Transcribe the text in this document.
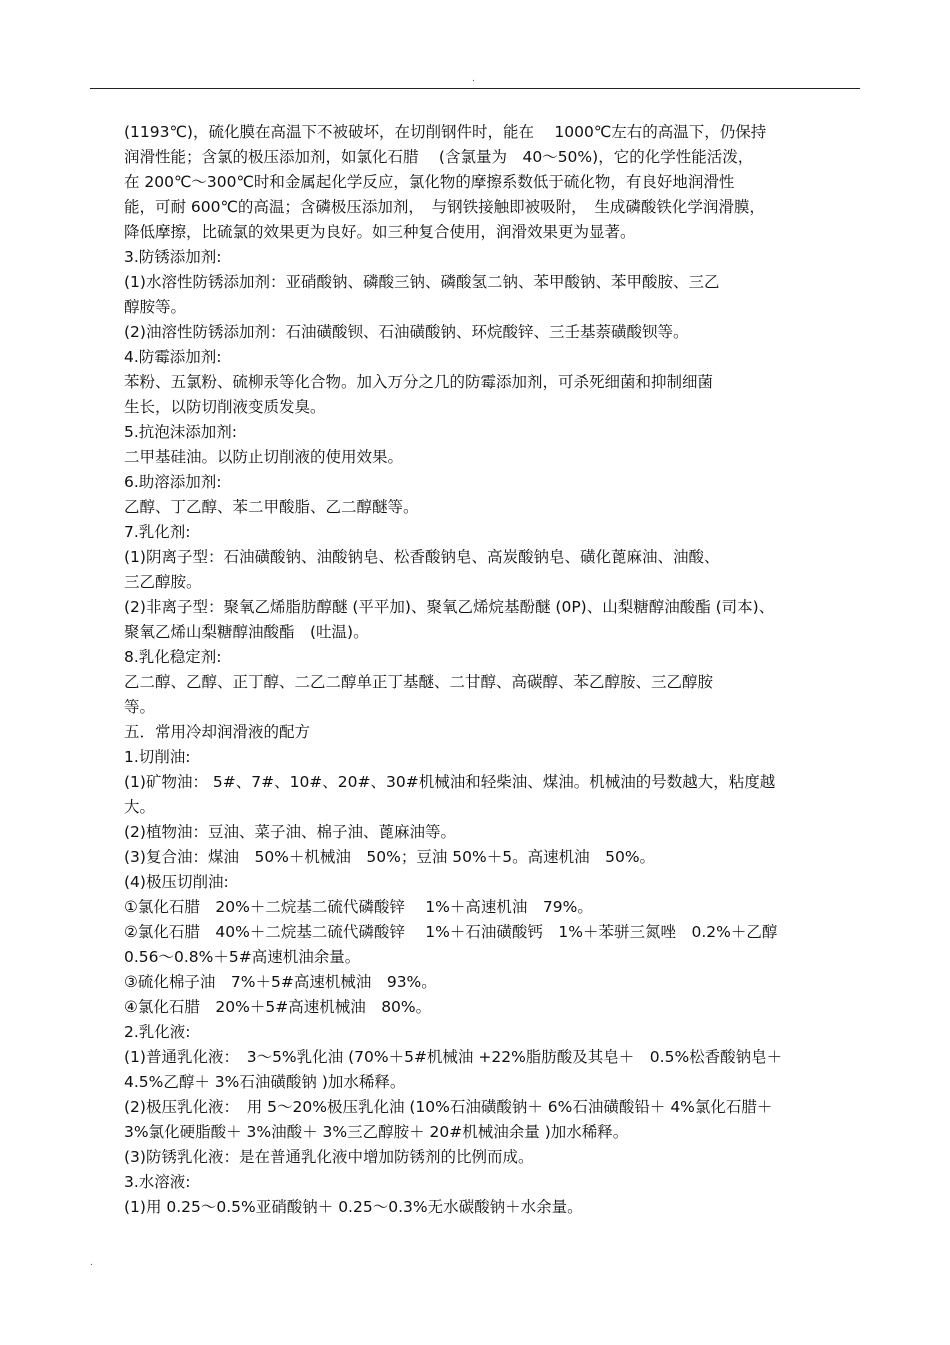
.
(1193℃)，硫化膜在高温下不被破坏，在切削钢件时，能在　 1000℃左右的高温下，仍保持
润滑性能；含氯的极压添加剂，如氯化石腊　 (含氯量为　40～50%)，它的化学性能活泼，
在 200℃～300℃时和金属起化学反应，氯化物的摩擦系数低于硫化物，有良好地润滑性
能，可耐 600℃的高温；含磷极压添加剂，　与钢铁接触即被吸附，　生成磷酸铁化学润滑膜，
降低摩擦，比硫氯的效果更为良好。如三种复合使用，润滑效果更为显著。
3.防锈添加剂:
(1)水溶性防锈添加剂：亚硝酸钠、磷酸三钠、磷酸氢二钠、苯甲酸钠、苯甲酸胺、三乙
醇胺等。
(2)油溶性防锈添加剂：石油磺酸钡、石油磺酸钠、环烷酸锌、三壬基萘磺酸钡等。
4.防霉添加剂:
苯粉、五氯粉、硫柳汞等化合物。加入万分之几的防霉添加剂，可杀死细菌和抑制细菌
生长，以防切削液变质发臭。
5.抗泡沫添加剂:
二甲基硅油。以防止切削液的使用效果。
6.助溶添加剂:
乙醇、丁乙醇、苯二甲酸脂、乙二醇醚等。
7.乳化剂:
(1)阴离子型：石油磺酸钠、油酸钠皂、松香酸钠皂、高炭酸钠皂、磺化蓖麻油、油酸、
三乙醇胺。
(2)非离子型：聚氧乙烯脂肪醇醚 (平平加)、聚氧乙烯烷基酚醚 (0P)、山梨糖醇油酸酯 (司本)、
聚氧乙烯山梨糖醇油酸酯　(吐温)。
8.乳化稳定剂:
乙二醇、乙醇、正丁醇、二乙二醇单正丁基醚、二甘醇、高碳醇、苯乙醇胺、三乙醇胺
等。
五．常用冷却润滑液的配方
1.切削油:
(1)矿物油： 5#、7#、10#、20#、30#机械油和轻柴油、煤油。机械油的号数越大，粘度越
大。
(2)植物油：豆油、菜子油、棉子油、蓖麻油等。
(3)复合油：煤油　50%＋机械油　50%；豆油 50%＋5。高速机油　50%。
(4)极压切削油:
①氯化石腊　20%＋二烷基二硫代磷酸锌　 1%＋高速机油　79%。
②氯化石腊　40%＋二烷基二硫代磷酸锌　 1%＋石油磺酸钙　1%＋苯骈三氮唑　0.2%＋乙醇
0.56～0.8%＋5#高速机油余量。
③硫化棉子油　7%＋5#高速机械油　93%。
④氯化石腊　20%＋5#高速机械油　80%。
2.乳化液:
(1)普通乳化液：　3～5%乳化油 (70%＋5#机械油 +22%脂肪酸及其皂＋　0.5%松香酸钠皂＋
4.5%乙醇＋ 3%石油磺酸钠 )加水稀释。
(2)极压乳化液：　用 5～20%极压乳化油 (10%石油磺酸钠＋ 6%石油磺酸铅＋ 4%氯化石腊＋
3%氯化硬脂酸＋ 3%油酸＋ 3%三乙醇胺＋ 20#机械油余量 )加水稀释。
(3)防锈乳化液：是在普通乳化液中增加防锈剂的比例而成。
3.水溶液:
(1)用 0.25～0.5%亚硝酸钠＋ 0.25～0.3%无水碳酸钠＋水余量。
.
